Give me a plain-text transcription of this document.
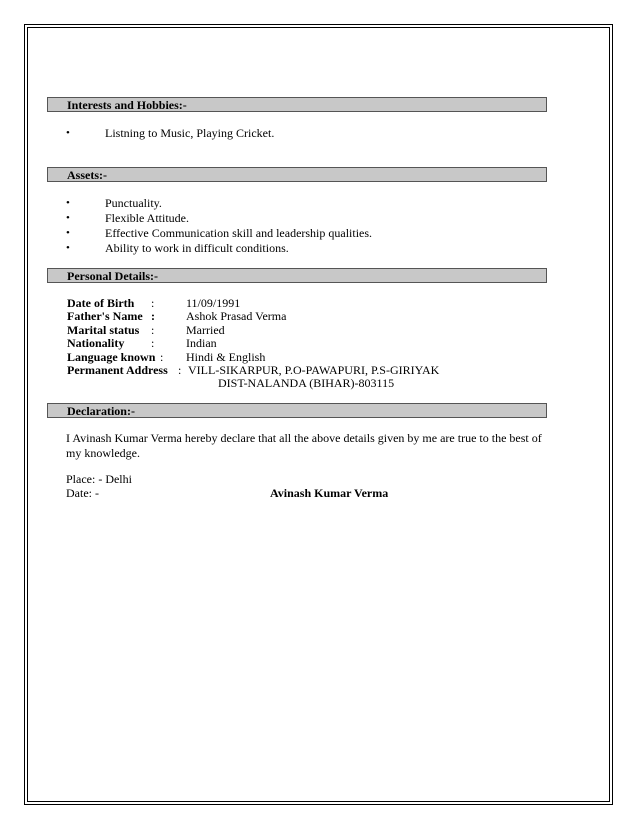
Interests and Hobbies:-
•	Listning to Music, Playing Cricket.
Assets:-
•	Punctuality.
•	Flexible Attitude.
•	Effective Communication skill and leadership qualities.
•	Ability to work in difficult conditions.
Personal Details:-
Date of Birth :	11/09/1991
Father's Name :	Ashok Prasad Verma
Marital status :	Married
Nationality :	Indian
Language known : Hindi & English
Permanent Address : VILL-SIKARPUR, P.O-PAWAPURI, P.S-GIRIYAK
DIST-NALANDA (BIHAR)-803115
Declaration:-
I Avinash Kumar Verma hereby declare that all the above details given by me are true to the best of my knowledge.
Place: - Delhi
Date: -	Avinash Kumar Verma
